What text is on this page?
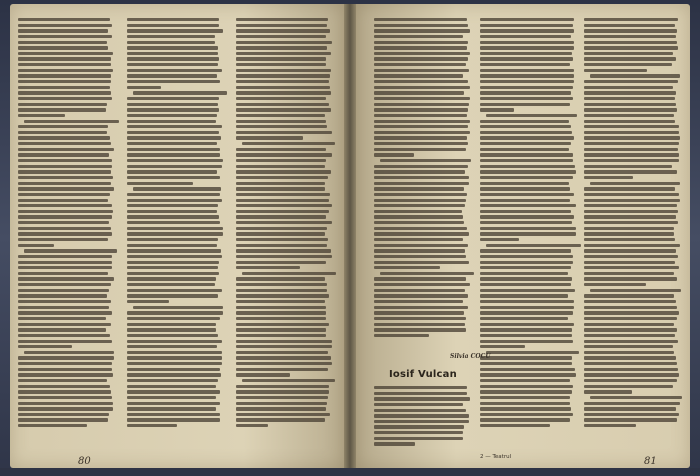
80
Silvia COCU
Iosif Vulcan
2 — Teatrul	81
